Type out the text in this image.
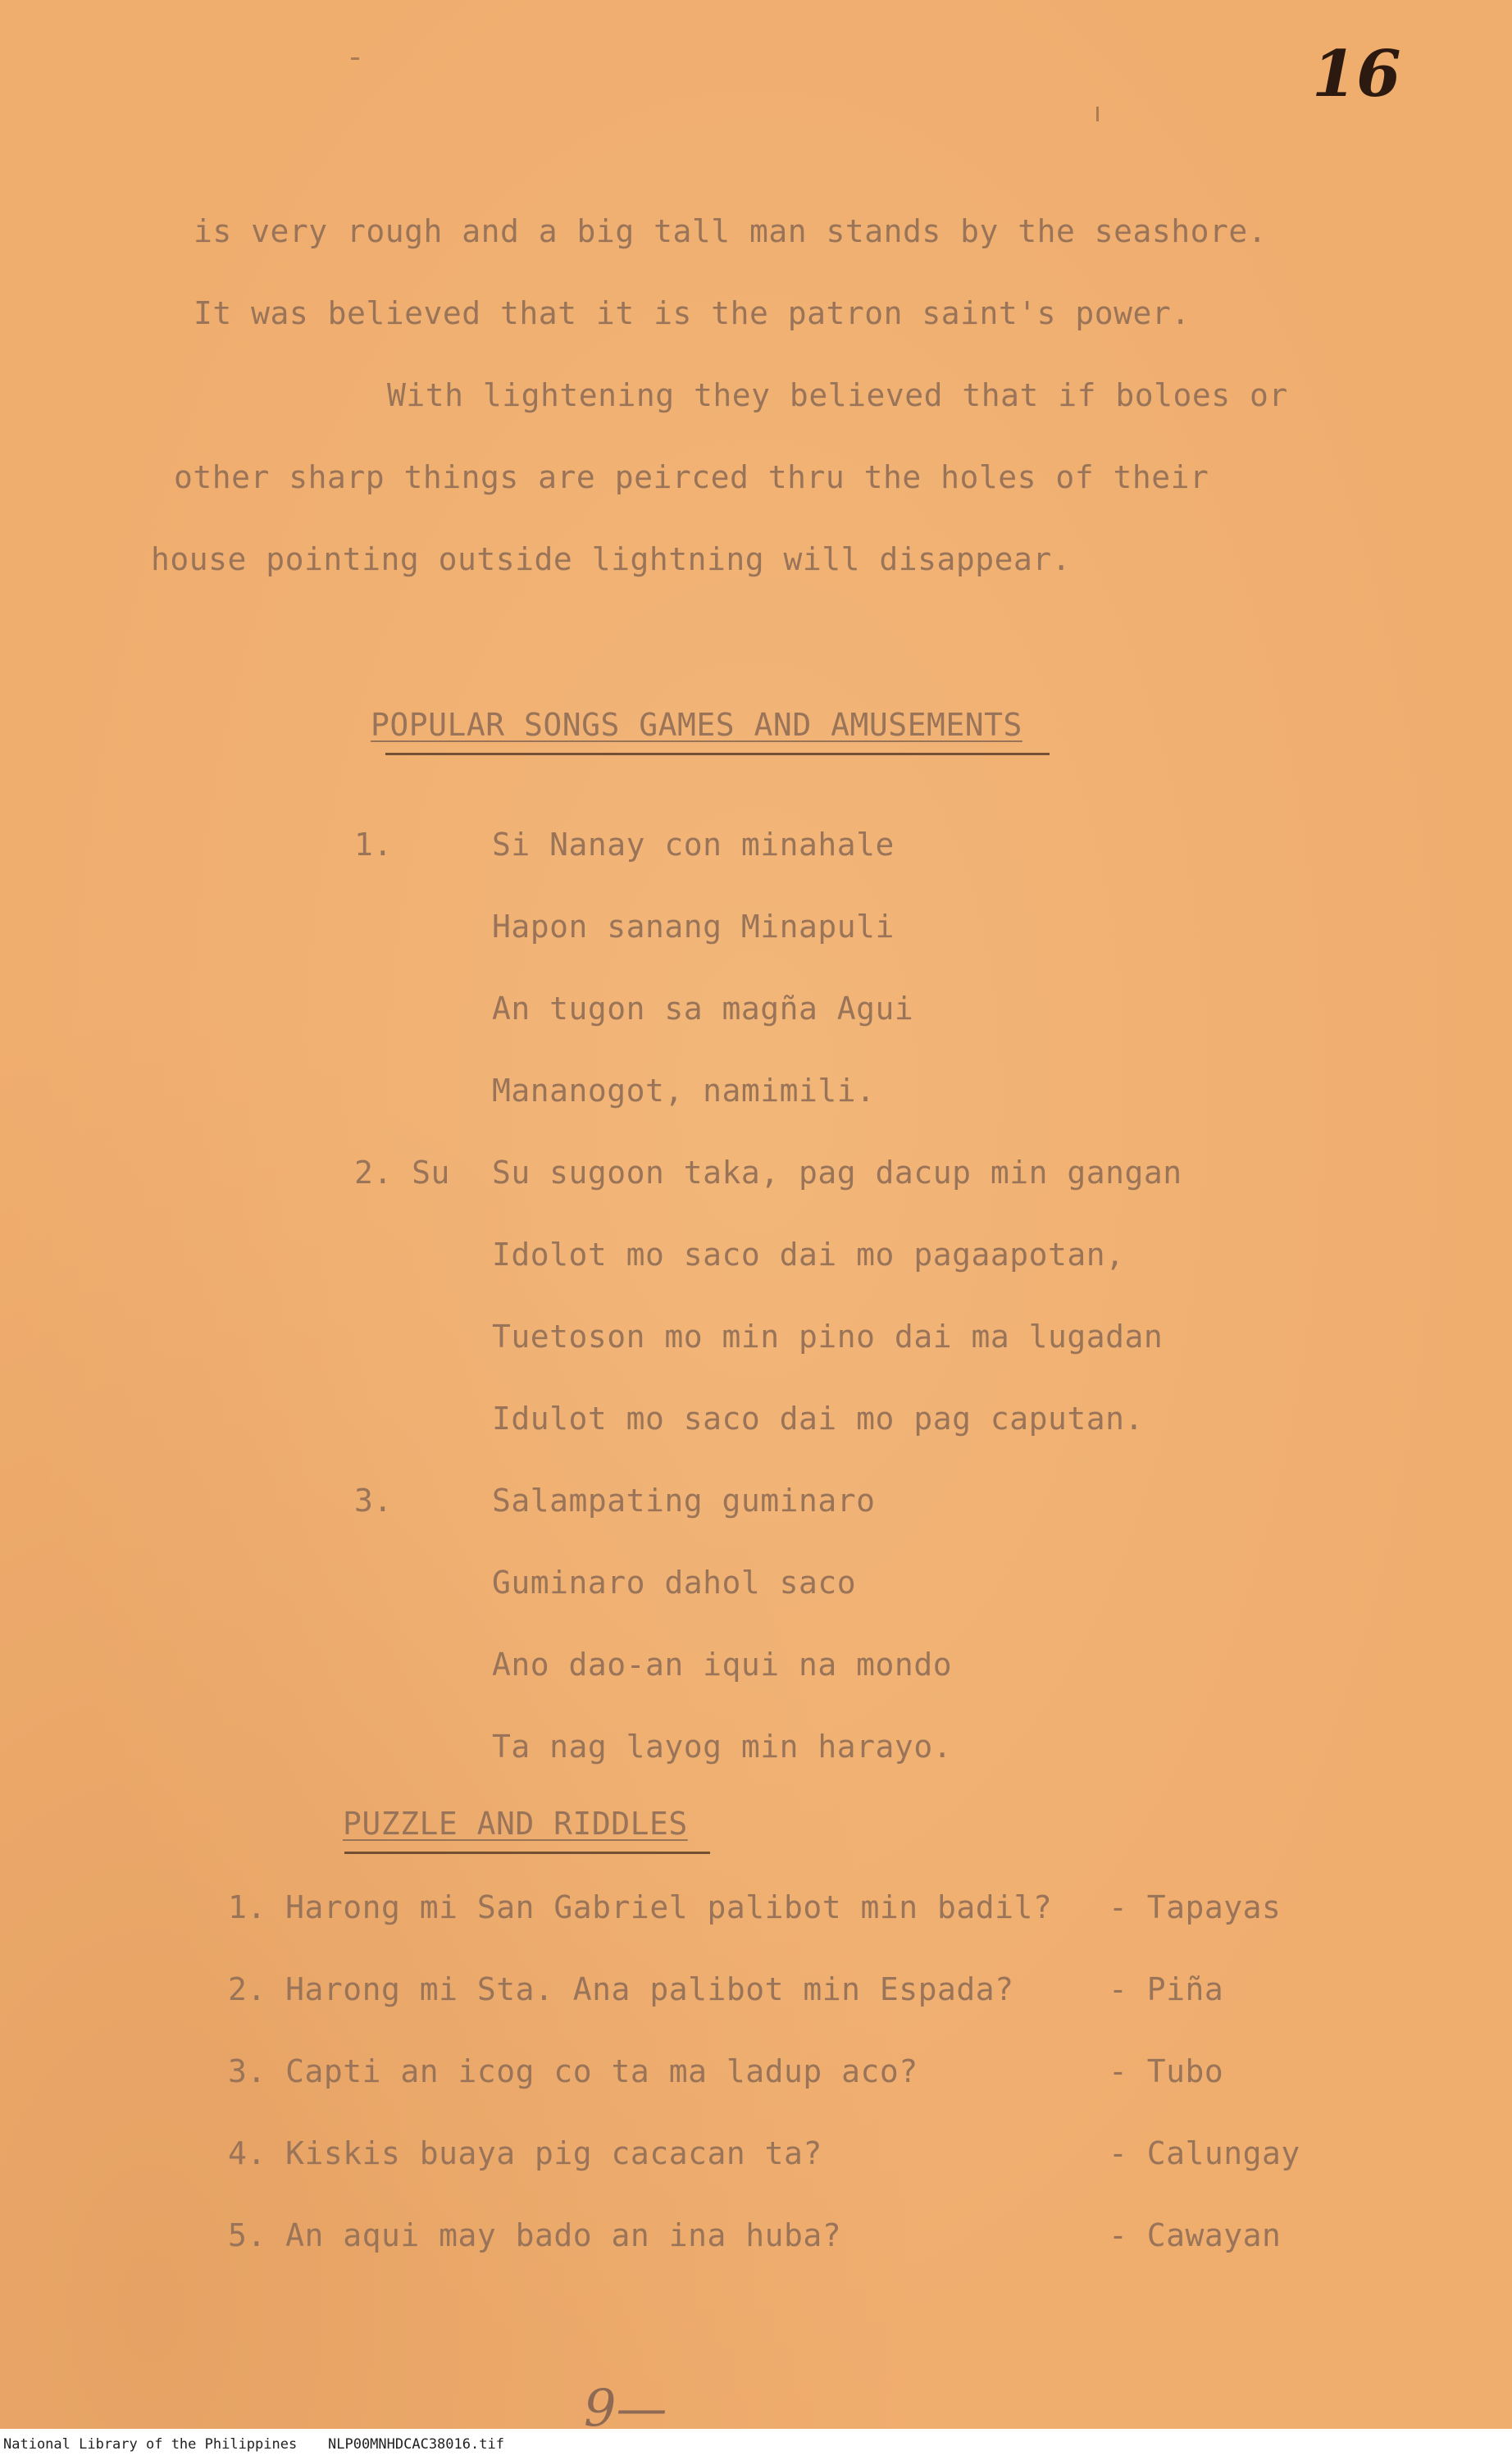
16
is very rough and a big tall man stands by the seashore.
It was believed that it is the patron saint's power.
With lightening they believed that if boloes or
other sharp things are peirced thru the holes of their
house pointing outside lightning will disappear.
POPULAR SONGS GAMES AND AMUSEMENTS
1.	Si Nanay con minahale
Hapon sanang Minapuli
An tugon sa magña Agui
Mananogot, namimili.
2. Su Su sugoon taka, pag dacup min gangan
Idolot mo saco dai mo pagaapotan,
Tuetoson mo min pino dai ma lugadan
Idulot mo saco dai mo pag caputan.
3.	Salampating guminaro
Guminaro dahol saco
Ano dao-an iqui na mondo
Ta nag layog min harayo.
PUZZLE AND RIDDLES
1. Harong mi San Gabriel palibot min badil? - Tapayas
2. Harong mi Sta. Ana palibot min Espada?	- Piña
3. Capti an icog co ta ma ladup aco?	- Tubo
4. Kiskis buaya pig cacacan ta?	- Calungay
5. An aqui may bado an ina huba?	- Cawayan
9—
National Library of the Philippines NLP00MNHDCAC38016.tif
